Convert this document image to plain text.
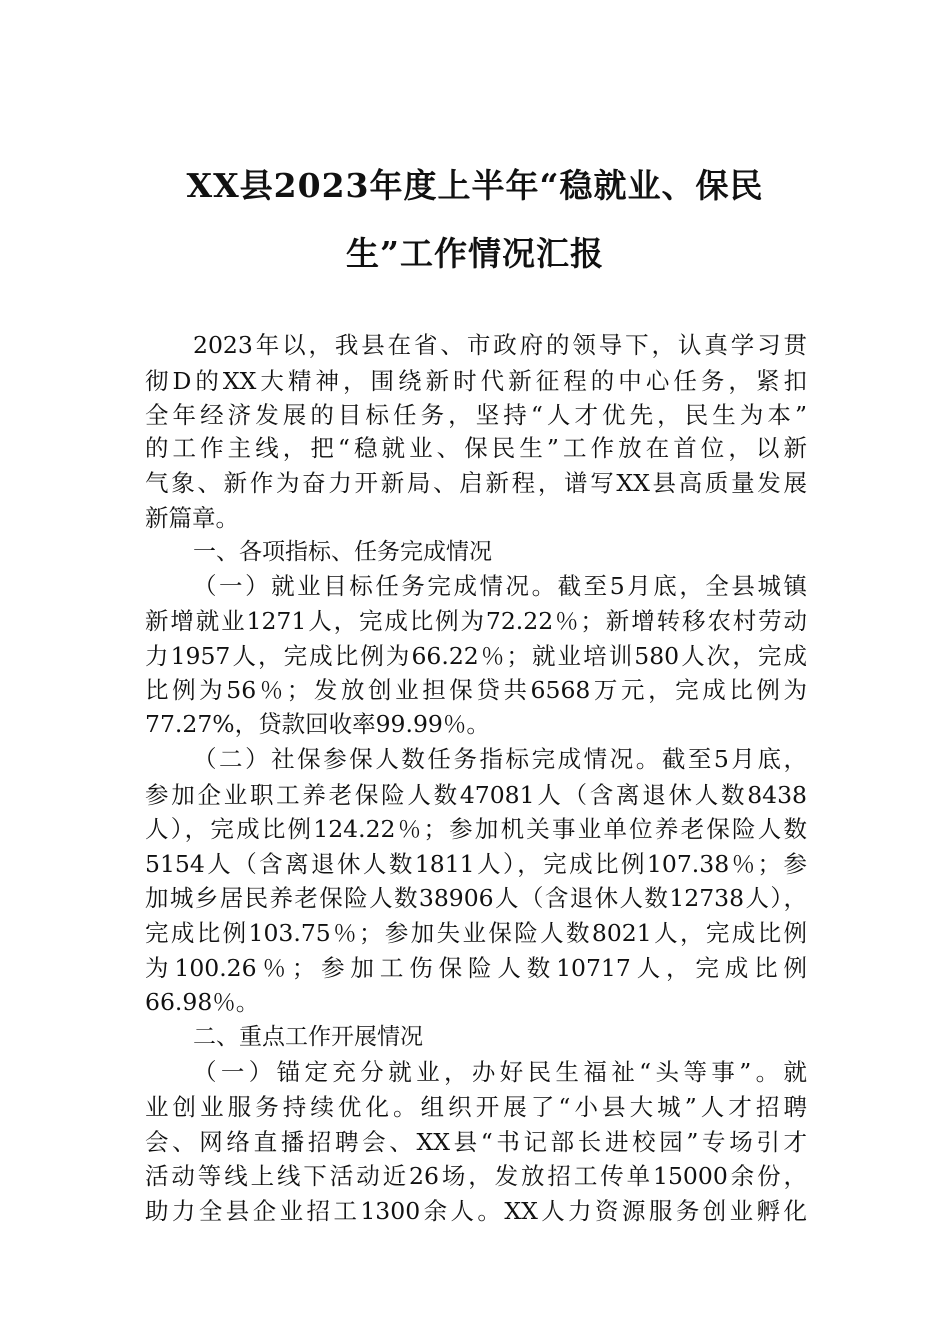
XX县2023年度上半年“稳就业、保民
生”工作情况汇报
2023年以，我县在省、市政府的领导下，认真学习贯
彻D的XX大精神，围绕新时代新征程的中心任务，紧扣
全年经济发展的目标任务，坚持“人才优先，民生为本”
的工作主线，把“稳就业、保民生”工作放在首位，以新
气象、新作为奋力开新局、启新程，谱写XX县高质量发展
新篇章。
一、各项指标、任务完成情况
（一）就业目标任务完成情况。截至5月底，全县城镇
新增就业1271人，完成比例为72.22％；新增转移农村劳动
力1957人，完成比例为66.22％；就业培训580人次，完成
比例为56％；发放创业担保贷共6568万元，完成比例为
77.27%，贷款回收率99.99％。
（二）社保参保人数任务指标完成情况。截至5月底，
参加企业职工养老保险人数47081人（含离退休人数8438
人），完成比例124.22％；参加机关事业单位养老保险人数
5154人（含离退休人数1811人），完成比例107.38％；参
加城乡居民养老保险人数38906人（含退休人数12738人），
完成比例103.75％；参加失业保险人数8021人，完成比例
为100.26％；参加工伤保险人数10717人，完成比例
66.98％。
二、重点工作开展情况
（一）锚定充分就业，办好民生福祉“头等事”。就
业创业服务持续优化。组织开展了“小县大城”人才招聘
会、网络直播招聘会、XX县“书记部长进校园”专场引才
活动等线上线下活动近26场，发放招工传单15000余份，
助力全县企业招工1300余人。XX人力资源服务创业孵化
